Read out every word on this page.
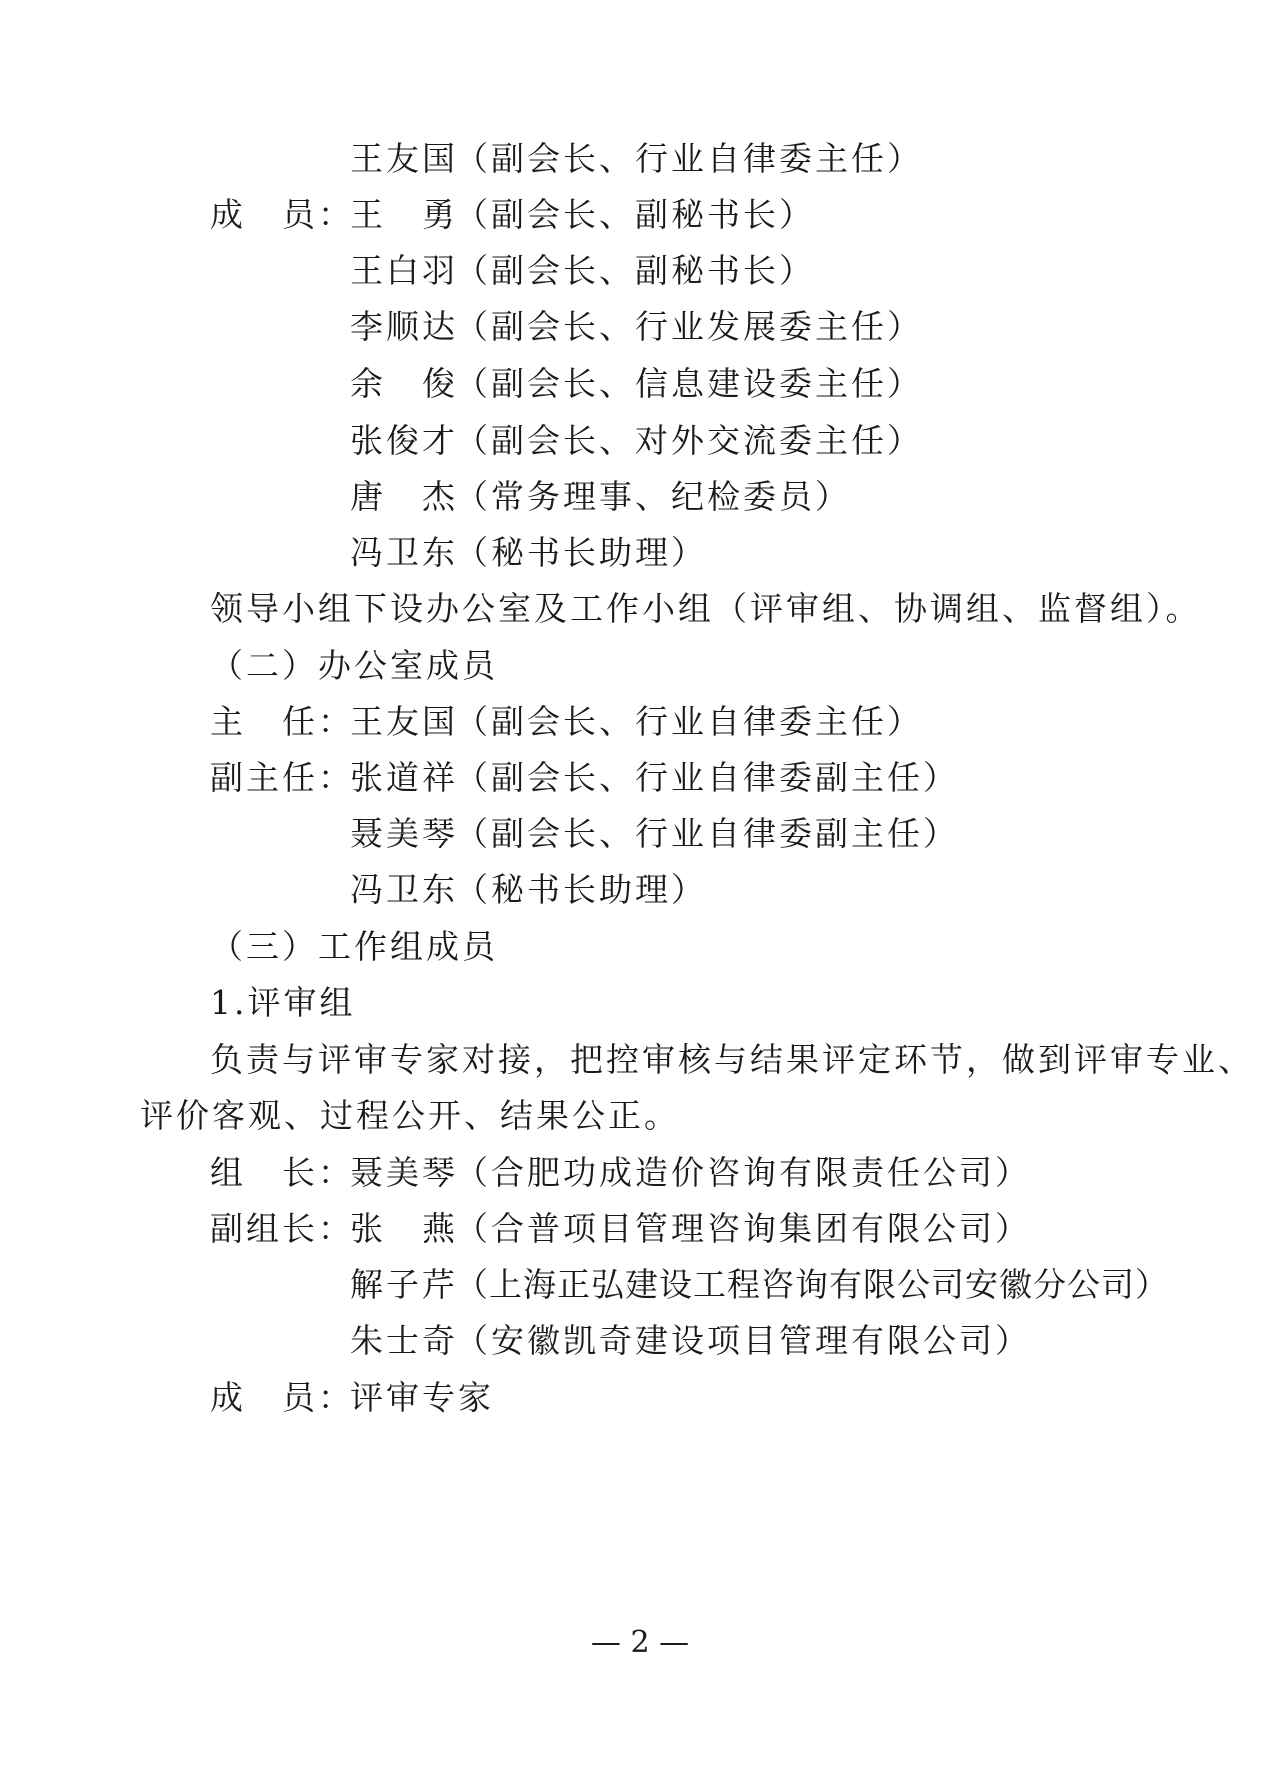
王友国
（副会长、行业自律委主任）
成　员：
王　勇
（副会长、副秘书长）
王白羽
（副会长、副秘书长）
李顺达
（副会长、行业发展委主任）
余　俊
（副会长、信息建设委主任）
张俊才
（副会长、对外交流委主任）
唐　杰
（常务理事、纪检委员）
冯卫东
（秘书长助理）
领导小组下设办公室及工作小组（评审组、协调组、监督组）。
（二）办公室成员
主　任：
王友国
（副会长、行业自律委主任）
副主任：
张道祥
（副会长、行业自律委副主任）
聂美琴
（副会长、行业自律委副主任）
冯卫东
（秘书长助理）
（三）工作组成员
1.评审组
负责与评审专家对接，把控审核与结果评定环节，做到评审专业、
评价客观、过程公开、结果公正。
组　长：
聂美琴
（合肥功成造价咨询有限责任公司）
副组长：
张　燕
（合普项目管理咨询集团有限公司）
解子芹
（上海正弘建设工程咨询有限公司安徽分公司）
朱士奇
（安徽凯奇建设项目管理有限公司）
成　员：
评审专家
— 2 —
